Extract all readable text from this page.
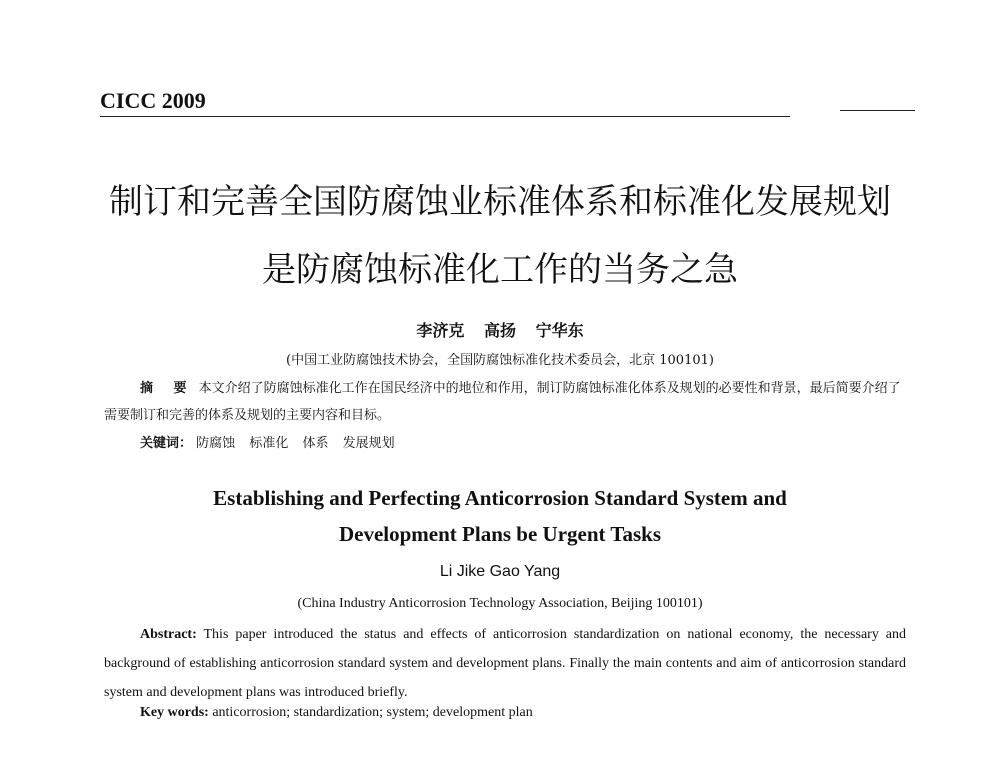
CICC 2009
制订和完善全国防腐蚀业标准体系和标准化发展规划
是防腐蚀标准化工作的当务之急
李济克 高扬 宁华东
(中国工业防腐蚀技术协会，全国防腐蚀标准化技术委员会，北京 100101)
摘 要 本文介绍了防腐蚀标准化工作在国民经济中的地位和作用，制订防腐蚀标准化体系及规划的必要性和背景，最后简要介绍了需要制订和完善的体系及规划的主要内容和目标。
关键词： 防腐蚀 标准化 体系 发展规划
Establishing and Perfecting Anticorrosion Standard System and
Development Plans be Urgent Tasks
Li Jike Gao Yang
(China Industry Anticorrosion Technology Association, Beijing 100101)
Abstract: This paper introduced the status and effects of anticorrosion standardization on national economy, the necessary and background of establishing anticorrosion standard system and development plans. Finally the main contents and aim of anticorrosion standard system and development plans was introduced briefly.
Key words: anticorrosion; standardization; system; development plan
